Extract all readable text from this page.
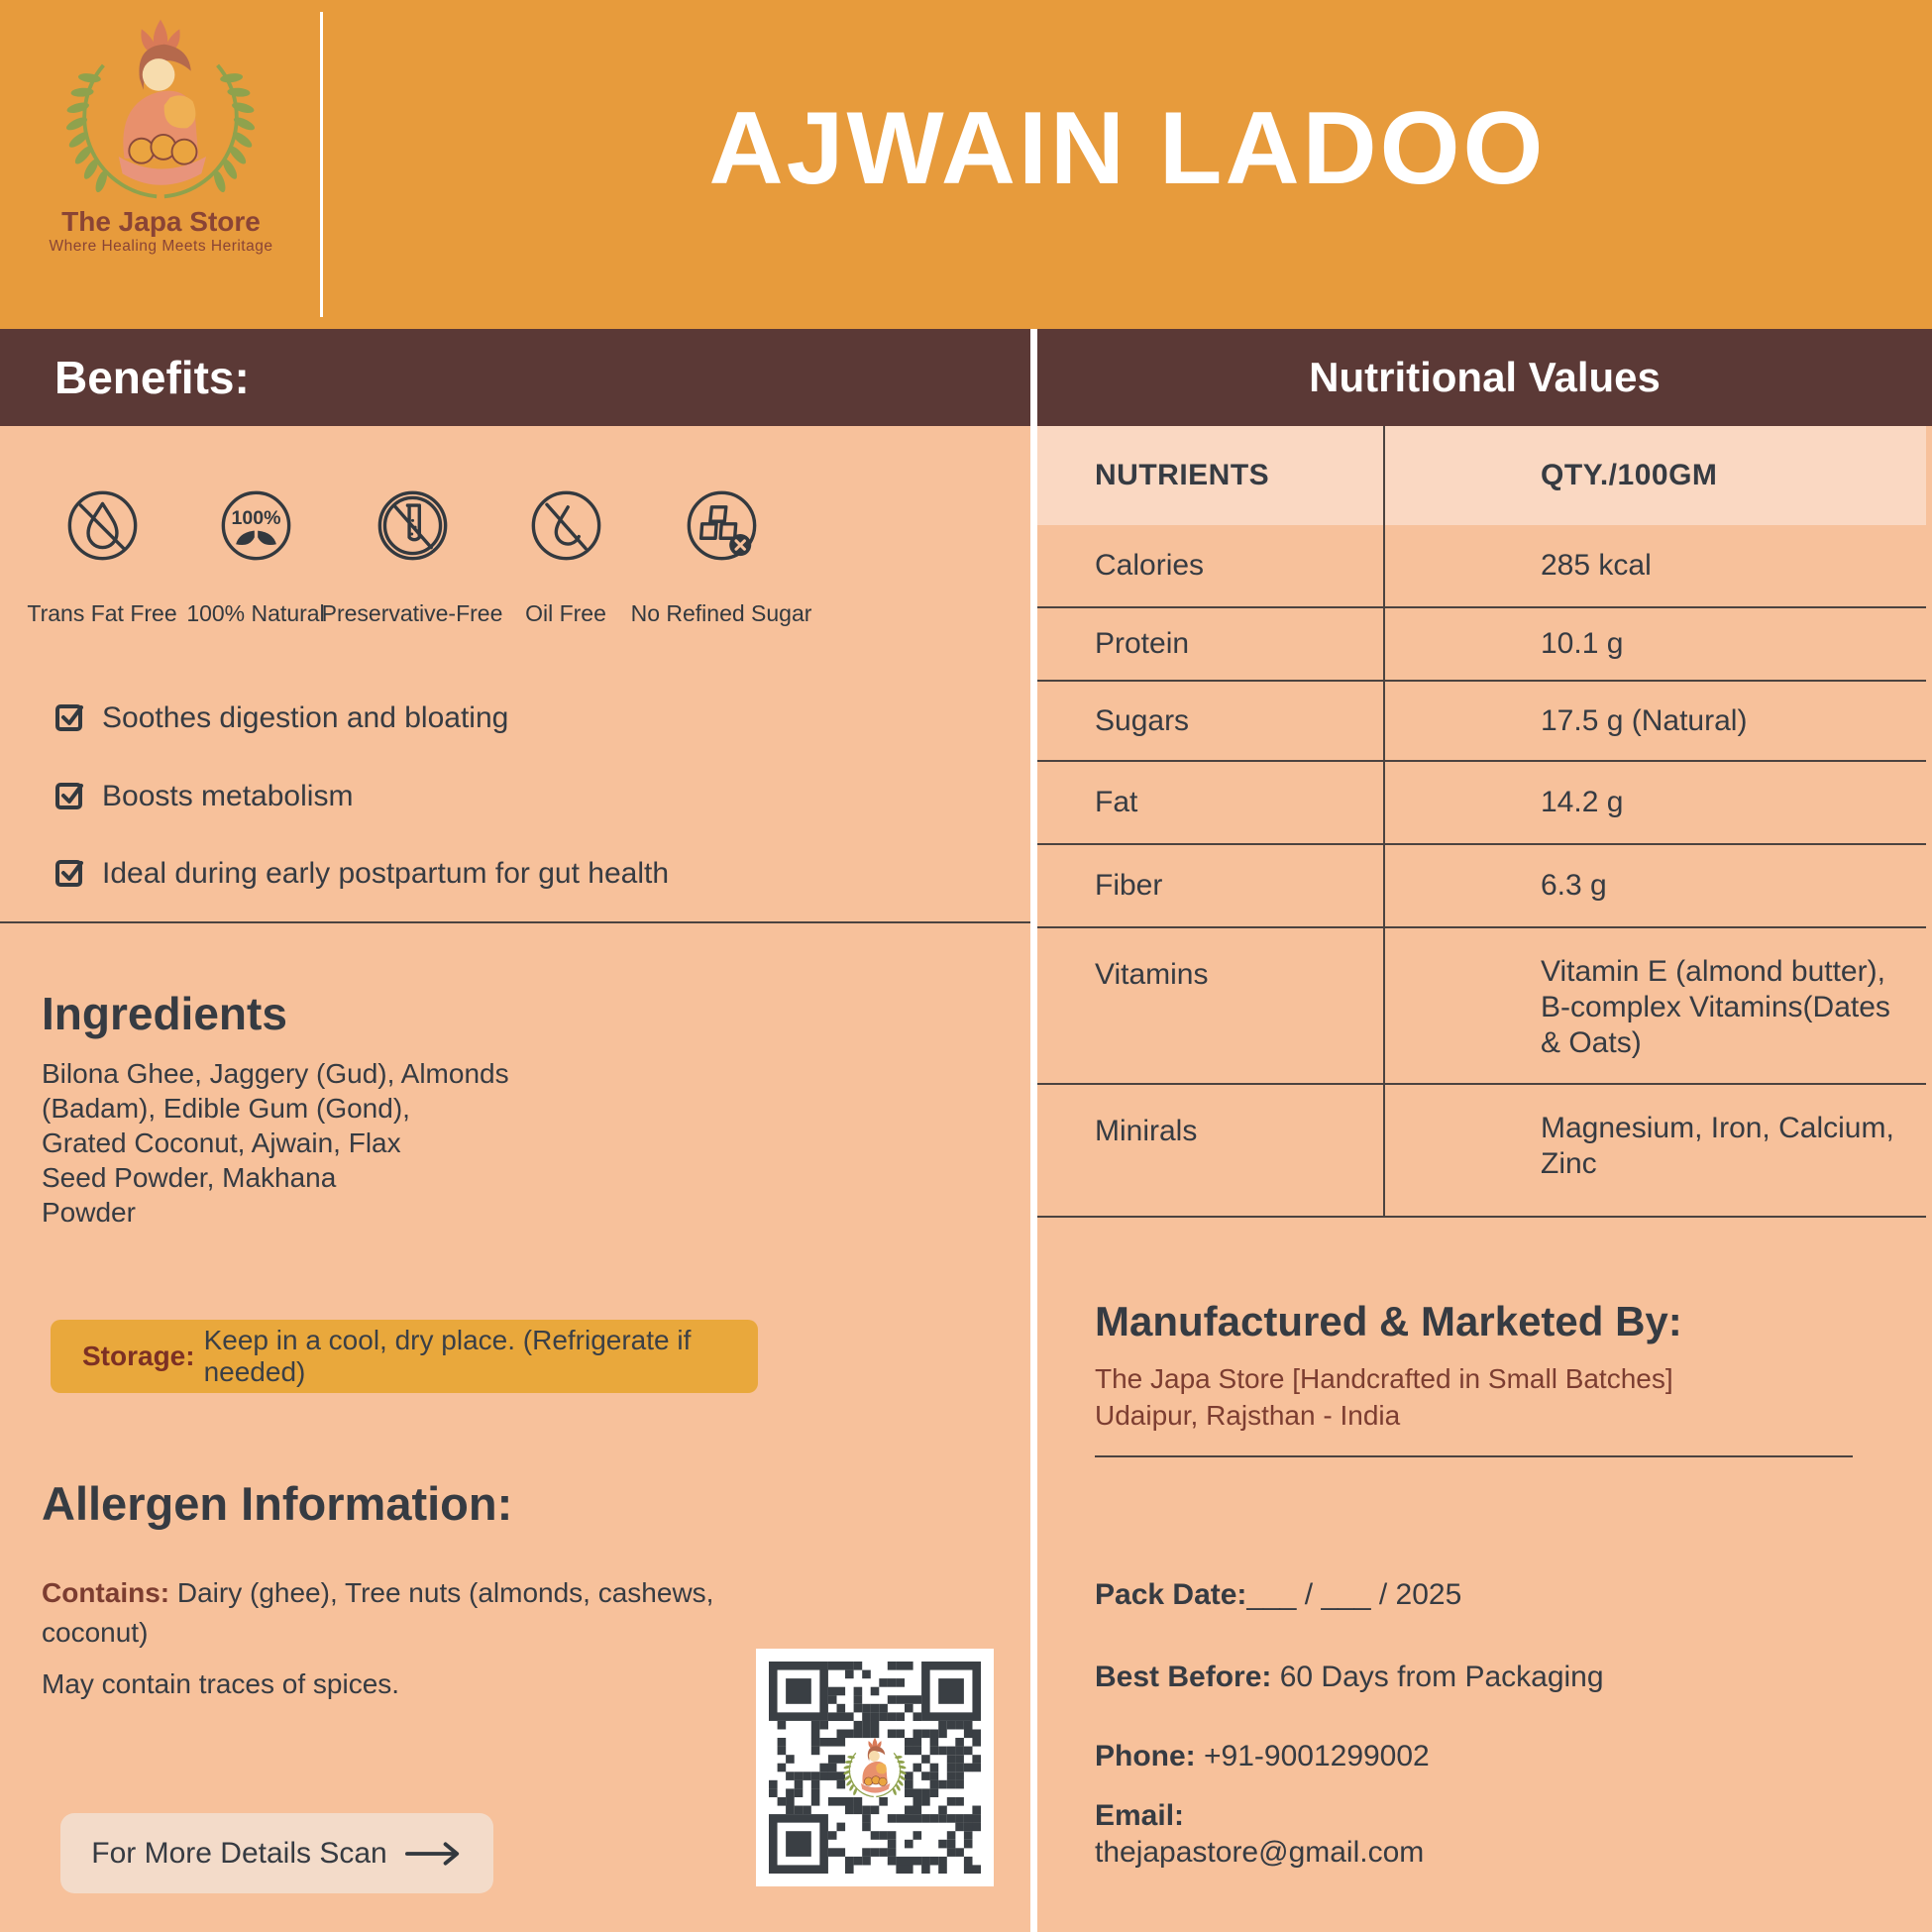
The Japa Store
Where Healing Meets Heritage
AJWAIN LADOO
Benefits:	Nutritional Values
100%
Trans Fat Free 100% Natural
Preservative-Free Oil Free	No Refined Sugar
Soothes digestion and bloating
Boosts metabolism
Ideal during early postpartum for gut health
Ingredients
Bilona Ghee, Jaggery (Gud), Almonds
(Badam), Edible Gum (Gond),
Grated Coconut, Ajwain, Flax
Seed Powder, Makhana
Powder
Storage:
Keep in a cool, dry place. (Refrigerate if needed)
Allergen Information:
Contains: Dairy (ghee), Tree nuts (almonds, cashews, coconut)
May contain traces of spices.
For More Details Scan
NUTRIENTS	QTY./100GM
Calories	285 kcal
Protein	10.1 g
Sugars	17.5 g (Natural)
Fat	14.2 g
Fiber	6.3 g
Vitamins	Vitamin E (almond butter), B-complex Vitamins(Dates & Oats)
Minirals	Magnesium, Iron, Calcium, Zinc
Manufactured & Marketed By:
The Japa Store [Handcrafted in Small Batches]
Udaipur, Rajsthan - India
Pack Date:___ / ___ / 2025
Best Before: 60 Days from Packaging
Phone: +91-9001299002
Email:
thejapastore@gmail.com
